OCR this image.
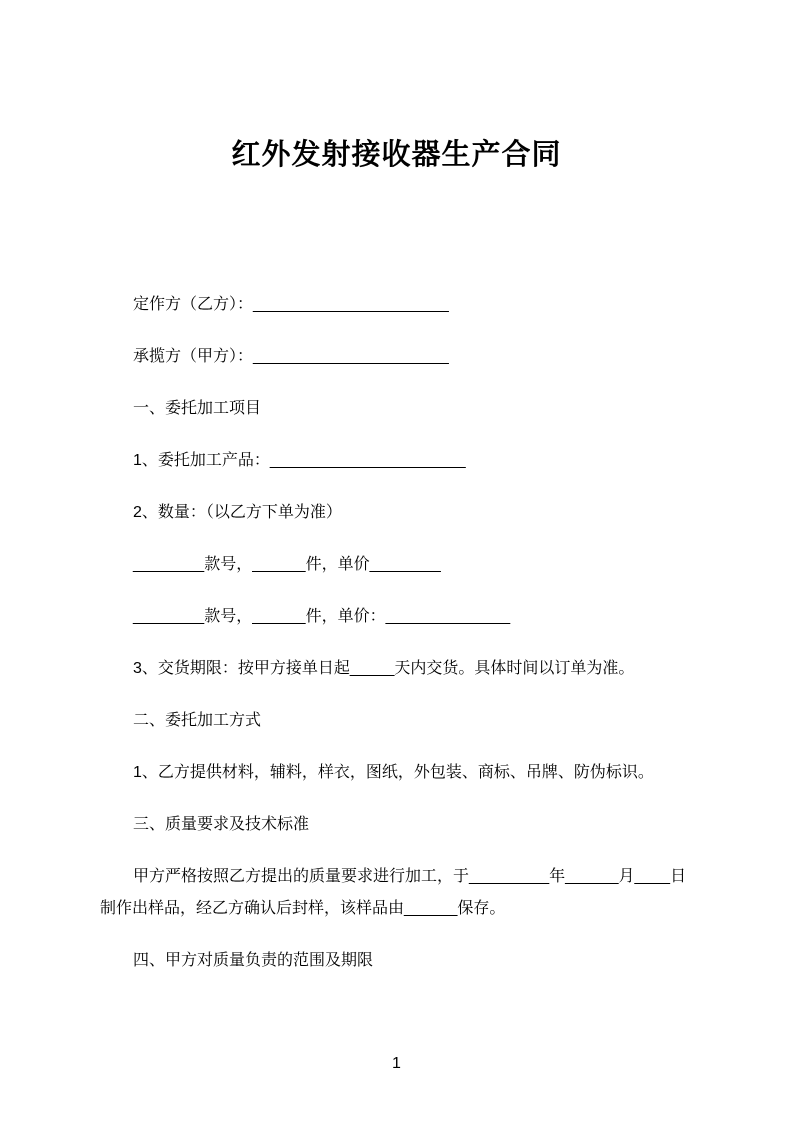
红外发射接收器生产合同

定作方（乙方）：______________________

承揽方（甲方）：______________________

一、委托加工项目

1、委托加工产品：______________________

2、数量：（以乙方下单为准）

________款号，______件，单价________

________款号，______件，单价：______________

3、交货期限：按甲方接单日起_____天内交货。具体时间以订单为准。

二、委托加工方式

1、乙方提供材料，辅料，样衣，图纸，外包装、商标、吊牌、防伪标识。

三、质量要求及技术标准

甲方严格按照乙方提出的质量要求进行加工，于_________年______月____日制作出样品，经乙方确认后封样，该样品由______保存。

四、甲方对质量负责的范围及期限

1
